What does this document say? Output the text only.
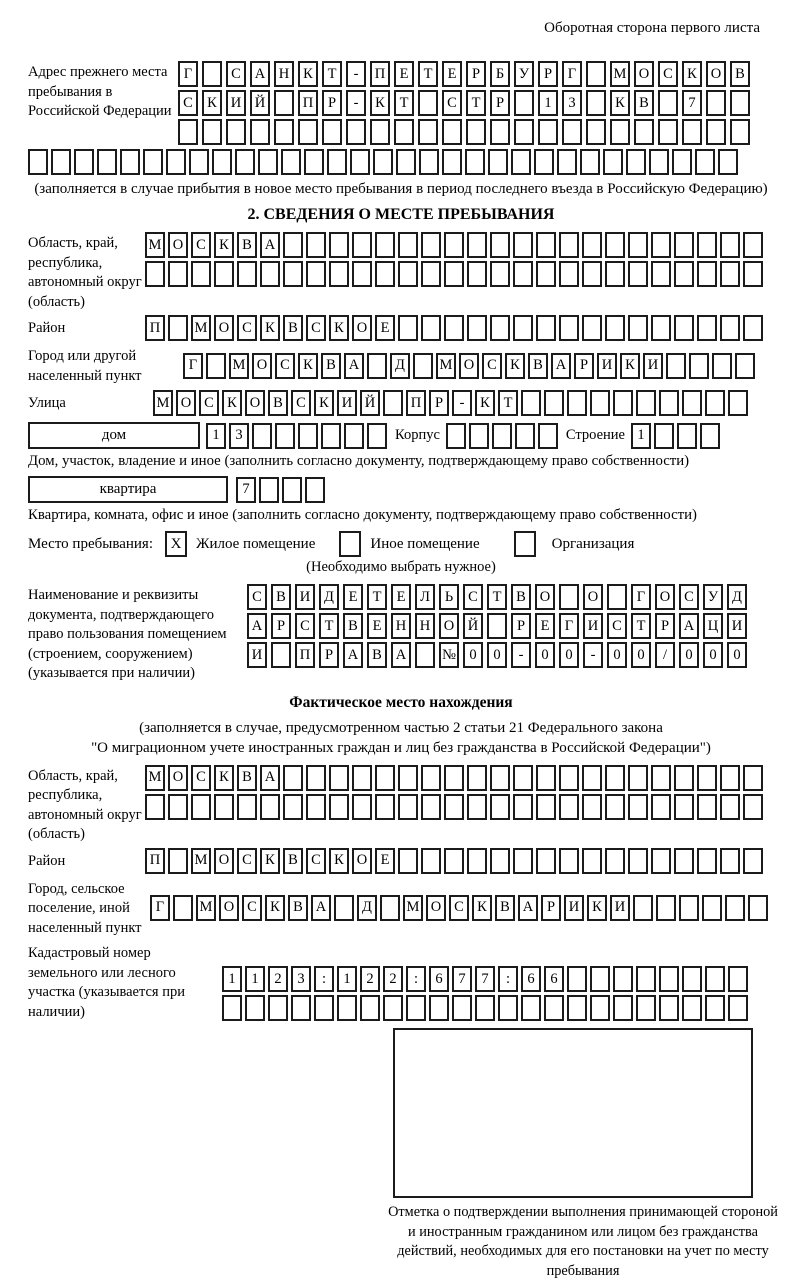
Оборотная сторона первого листа
Адрес прежнего места пребывания в Российской Федерации
Г	С А Н К	Т	-	П Е	Т	Е	Р	Б	У	Р	Г	М О С К О В
С К И Й	П	Р	-	К	Т	С	Т	Р	1	3	К В	7
(заполняется в случае прибытия в новое место пребывания в период последнего въезда в Российскую Федерацию)
2. СВЕДЕНИЯ О МЕСТЕ ПРЕБЫВАНИЯ
Область, край, республика, автономный округ (область)
М О С К В А
Район	П	М О С К В С К О Е
Город или другой населенный пункт
Г	М О С К В А	Д	М О С К В А Р И К И
Улица	М О С К О В С К И Й	П Р	-	К Т
дом	1	3	Корпус	Строение 1
Дом, участок, владение и иное (заполнить согласно документу, подтверждающему право собственности)
квартира	7
Квартира, комната, офис и иное (заполнить согласно документу, подтверждающему право собственности)
Место пребывания:	X Жилое помещение	Иное помещение	Организация
(Необходимо выбрать нужное)
Наименование и реквизиты документа, подтверждающего право пользования помещением (строением, сооружением) (указывается при наличии)
С В И Д	Е	Т	Е	Л	Ь	С	Т	В О	О	Г	О С У Д
А	Р	С	Т	В	Е Н Н О Й	Р	Е	Г	И С	Т	Р	А Ц И
И	П	Р	А В А	№ 0	0	-	0	0	-	0	0	/	0	0	0
Фактическое место нахождения
(заполняется в случае, предусмотренном частью 2 статьи 21 Федерального закона
"О миграционном учете иностранных граждан и лиц без гражданства в Российской Федерации")
Область, край, республика, автономный округ (область)
М О С К В А
Район	П	М О С К В С К О Е
Город, сельское поселение, иной населенный пункт
Г	М О С К В А	Д	М О С К В А Р И К И
Кадастровый номер земельного или лесного участка (указывается при наличии)
1	1	2	3	:	1	2	2	:	6	7	7	:	6	6
Отметка о подтверждении выполнения принимающей стороной и иностранным гражданином или лицом без гражданства действий, необходимых для его постановки на учет по месту пребывания
